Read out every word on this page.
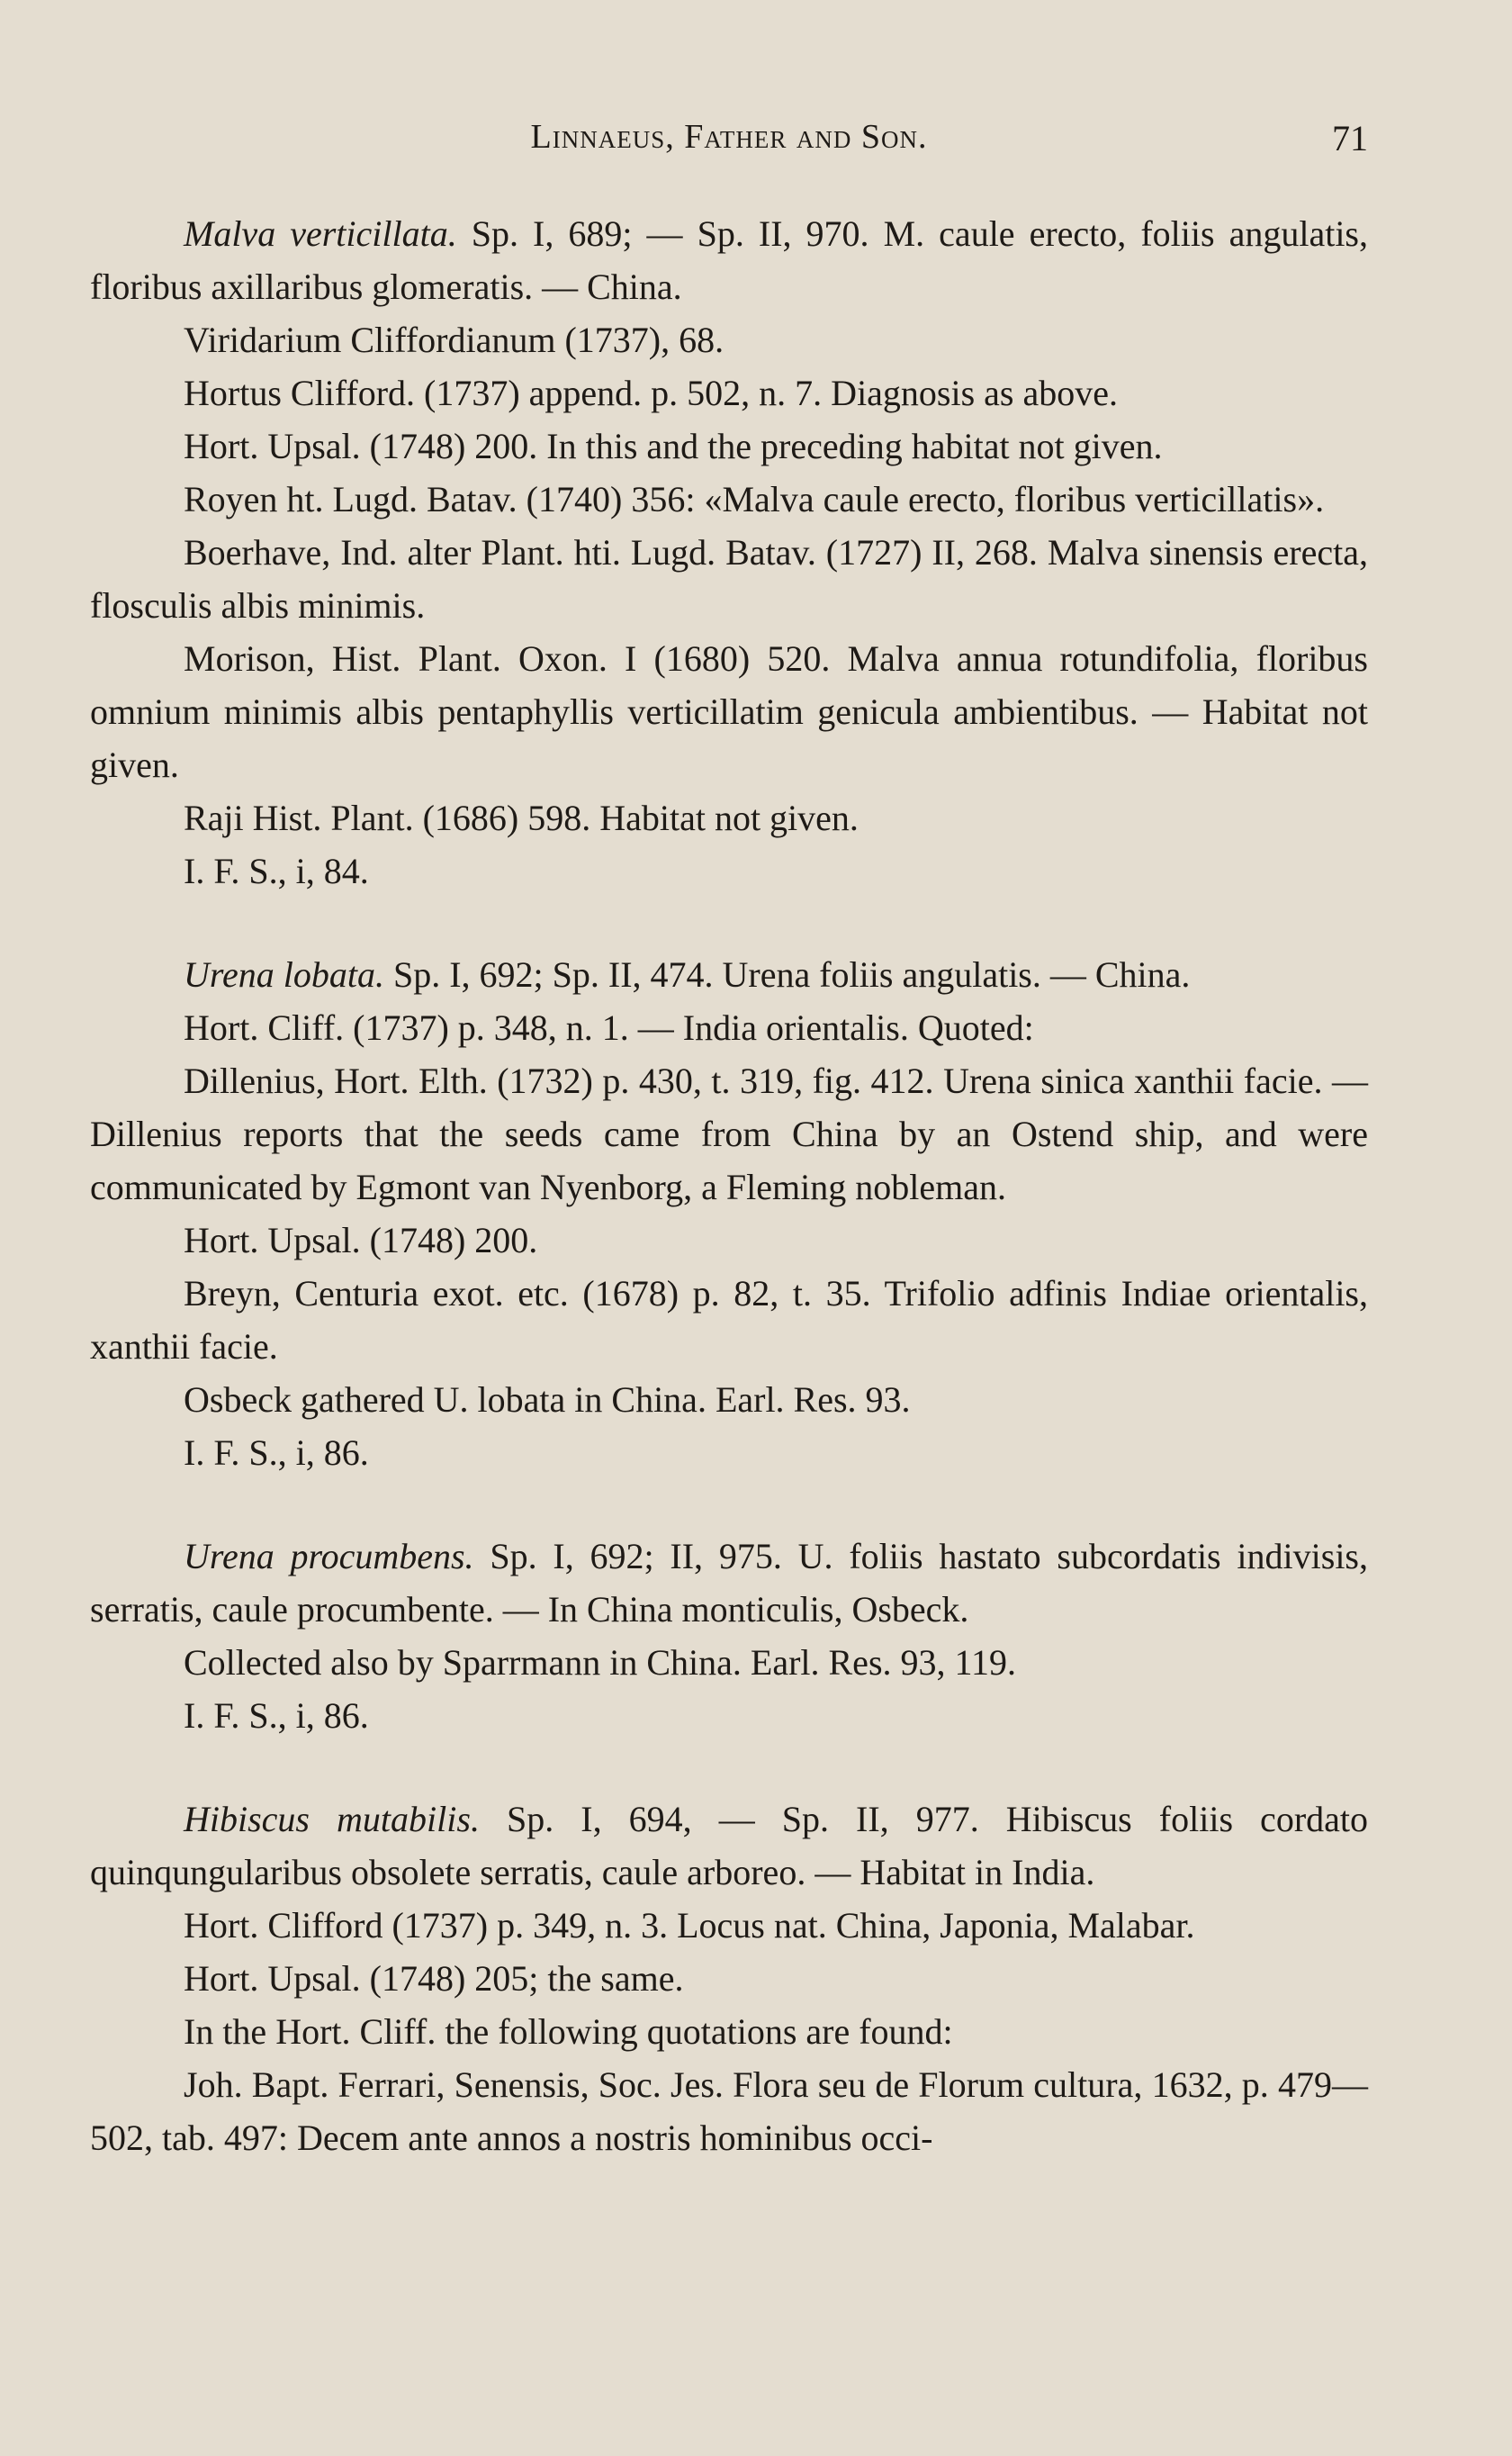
Linnaeus, Father and Son.	71

Malva verticillata. Sp. I, 689; — Sp. II, 970. M. caule erecto, foliis angulatis, floribus axillaribus glomeratis. — China.

Viridarium Cliffordianum (1737), 68.

Hortus Clifford. (1737) append. p. 502, n. 7. Diagnosis as above.

Hort. Upsal. (1748) 200. In this and the preceding habitat not given.

Royen ht. Lugd. Batav. (1740) 356: «Malva caule erecto, floribus verticillatis».

Boerhave, Ind. alter Plant. hti. Lugd. Batav. (1727) II, 268. Malva sinensis erecta, flosculis albis minimis.

Morison, Hist. Plant. Oxon. I (1680) 520. Malva annua rotundifolia, floribus omnium minimis albis pentaphyllis verticillatim genicula ambientibus. — Habitat not given.

Raji Hist. Plant. (1686) 598. Habitat not given.

I. F. S., i, 84.

Urena lobata. Sp. I, 692; Sp. II, 474. Urena foliis angulatis. — China.

Hort. Cliff. (1737) p. 348, n. 1. — India orientalis. Quoted:

Dillenius, Hort. Elth. (1732) p. 430, t. 319, fig. 412. Urena sinica xanthii facie. — Dillenius reports that the seeds came from China by an Ostend ship, and were communicated by Egmont van Nyenborg, a Fleming nobleman.

Hort. Upsal. (1748) 200.

Breyn, Centuria exot. etc. (1678) p. 82, t. 35. Trifolio adfinis Indiae orientalis, xanthii facie.

Osbeck gathered U. lobata in China. Earl. Res. 93.

I. F. S., i, 86.

Urena procumbens. Sp. I, 692; II, 975. U. foliis hastato subcordatis indivisis, serratis, caule procumbente. — In China monticulis, Osbeck.

Collected also by Sparrmann in China. Earl. Res. 93, 119.

I. F. S., i, 86.

Hibiscus mutabilis. Sp. I, 694, — Sp. II, 977. Hibiscus foliis cordato quinqungularibus obsolete serratis, caule arboreo. — Habitat in India.

Hort. Clifford (1737) p. 349, n. 3. Locus nat. China, Japonia, Malabar.

Hort. Upsal. (1748) 205; the same.

In the Hort. Cliff. the following quotations are found:

Joh. Bapt. Ferrari, Senensis, Soc. Jes. Flora seu de Florum cultura, 1632, p. 479—502, tab. 497: Decem ante annos a nostris hominibus occi-
